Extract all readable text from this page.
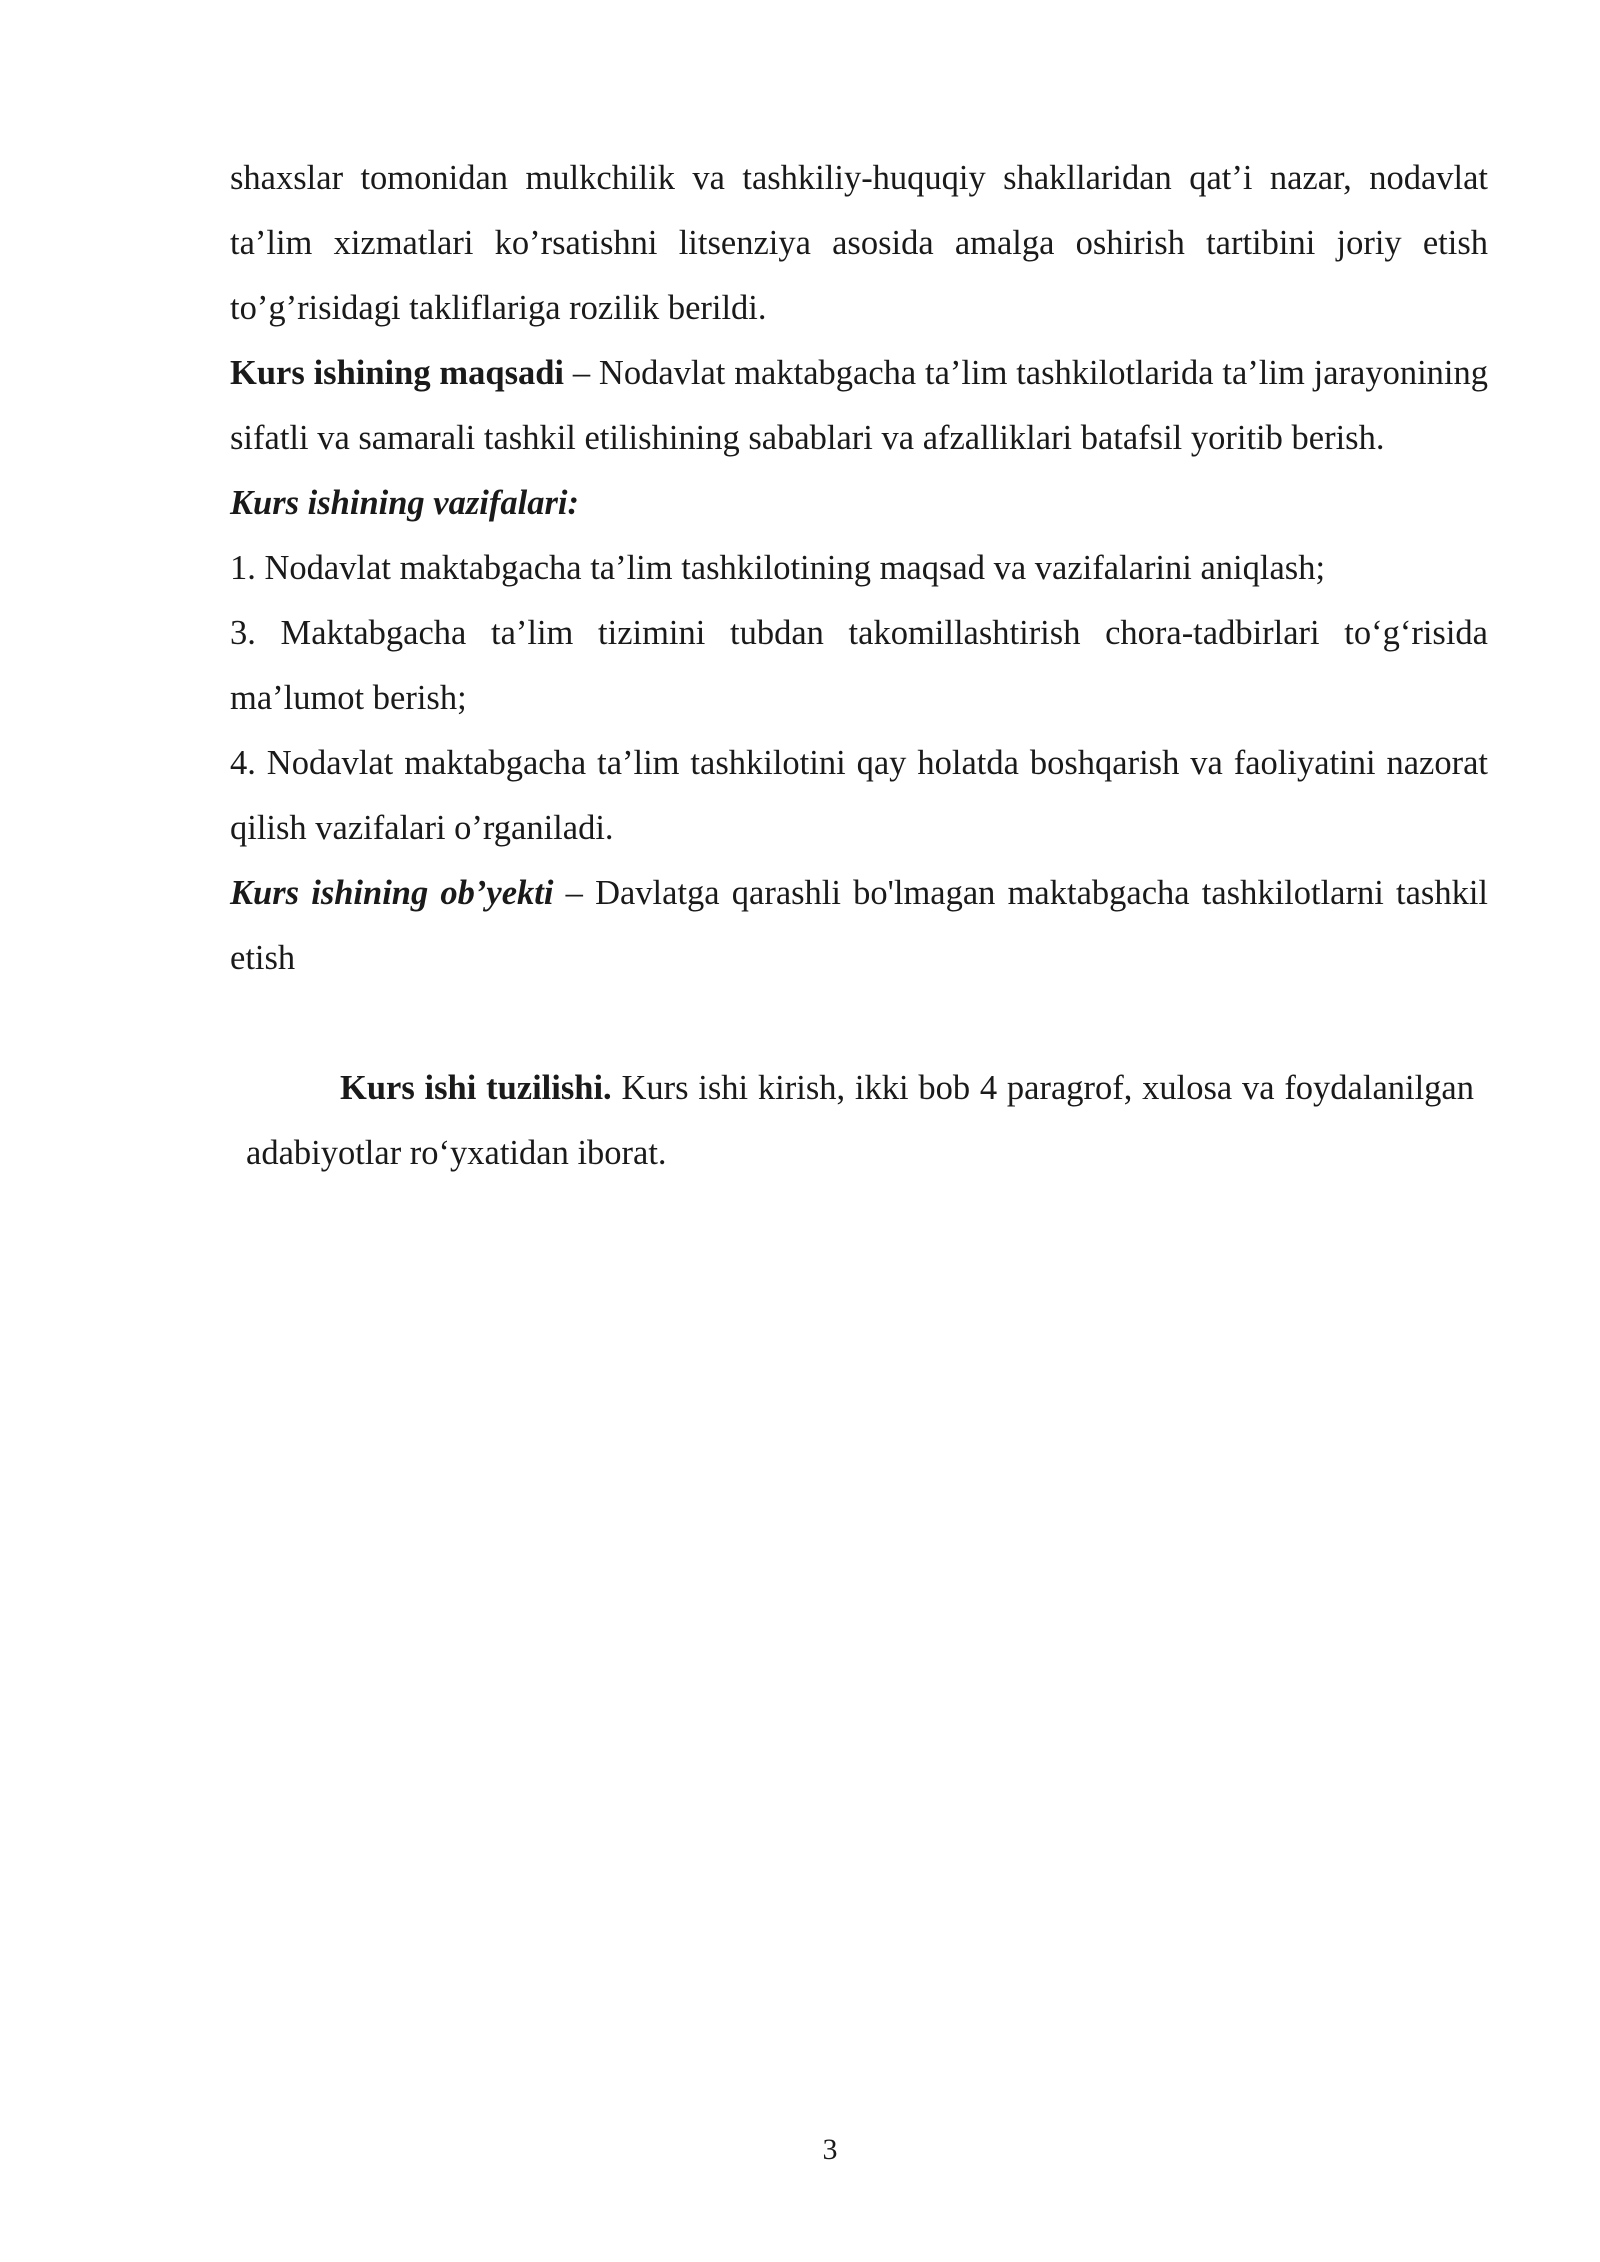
shaxslar tomonidan mulkchilik va tashkiliy-huquqiy shakllaridan qat’i nazar, nodavlat ta’lim xizmatlari ko’rsatishni litsenziya asosida amalga oshirish tartibini joriy etish to’g’risidagi takliflariga rozilik berildi.

Kurs ishining maqsadi – Nodavlat maktabgacha ta’lim tashkilotlarida ta’lim jarayonining sifatli va samarali tashkil etilishining sabablari va afzalliklari batafsil yoritib berish.

Kurs ishining vazifalari:

1. Nodavlat maktabgacha ta’lim tashkilotining maqsad va vazifalarini aniqlash;

3. Maktabgacha ta’lim tizimini tubdan takomillashtirish chora-tadbirlari to‘g‘risida ma’lumot berish;

4. Nodavlat maktabgacha ta’lim tashkilotini qay holatda boshqarish va faoliyatini nazorat qilish vazifalari o’rganiladi.

Kurs ishining ob’yekti – Davlatga qarashli bo'lmagan maktabgacha tashkilotlarni tashkil etish

Kurs ishi tuzilishi. Kurs ishi kirish, ikki bob 4 paragrof, xulosa va foydalanilgan adabiyotlar ro‘yxatidan iborat.

3
